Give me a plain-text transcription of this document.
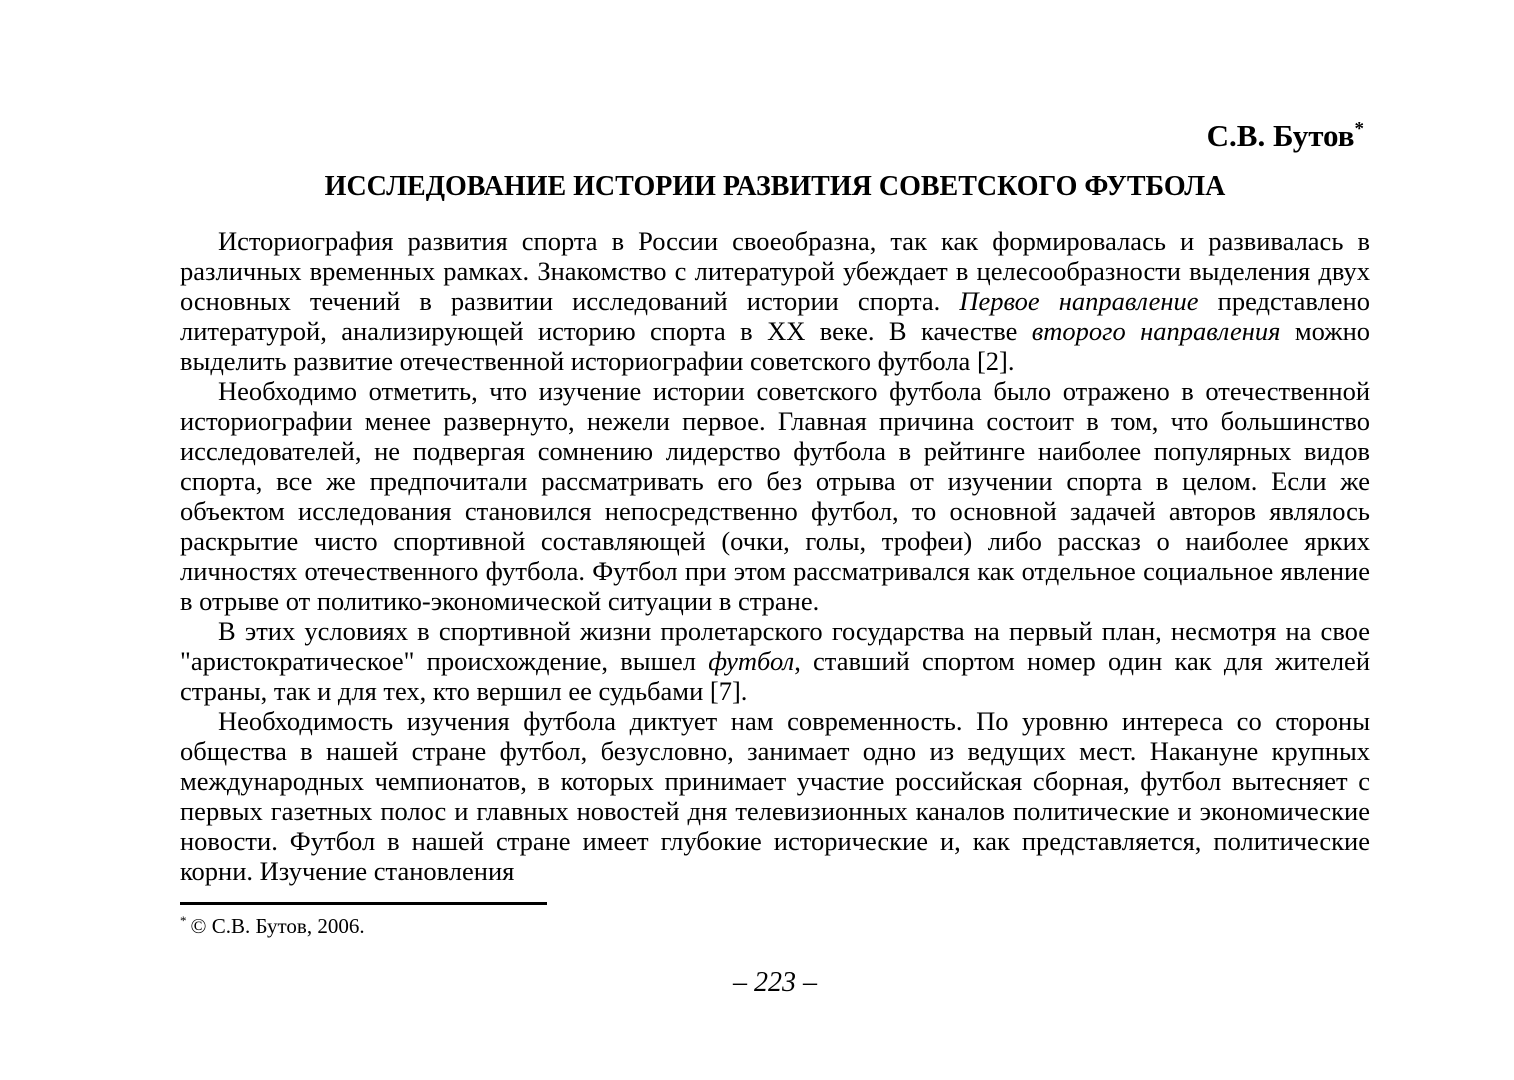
С.В. Бутов*
ИССЛЕДОВАНИЕ ИСТОРИИ РАЗВИТИЯ СОВЕТСКОГО ФУТБОЛА

Историография развития спорта в России своеобразна, так как формировалась и развивалась в различных временных рамках. Знакомство с литературой убеждает в целесообразности выделения двух основных течений в развитии исследований истории спорта. Первое направление представлено литературой, анализирующей историю спорта в XX веке. В качестве второго направления можно выделить развитие отечественной историографии советского футбола [2].

Необходимо отметить, что изучение истории советского футбола было отражено в отечественной историографии менее развернуто, нежели первое. Главная причина состоит в том, что большинство исследователей, не подвергая сомнению лидерство футбола в рейтинге наиболее популярных видов спорта, все же предпочитали рассматривать его без отрыва от изучении спорта в целом. Если же объектом исследования становился непосредственно футбол, то основной задачей авторов являлось раскрытие чисто спортивной составляющей (очки, голы, трофеи) либо рассказ о наиболее ярких личностях отечественного футбола. Футбол при этом рассматривался как отдельное социальное явление в отрыве от политико-экономической ситуации в стране.

В этих условиях в спортивной жизни пролетарского государства на первый план, несмотря на свое "аристократическое" происхождение, вышел футбол, ставший спортом номер один как для жителей страны, так и для тех, кто вершил ее судьбами [7].

Необходимость изучения футбола диктует нам современность. По уровню интереса со стороны общества в нашей стране футбол, безусловно, занимает одно из ведущих мест. Накануне крупных международных чемпионатов, в которых принимает участие российская сборная, футбол вытесняет с первых газетных полос и главных новостей дня телевизионных каналов политические и экономические новости. Футбол в нашей стране имеет глубокие исторические и, как представляется, политические корни. Изучение становления

* © С.В. Бутов, 2006.
– 223 –
